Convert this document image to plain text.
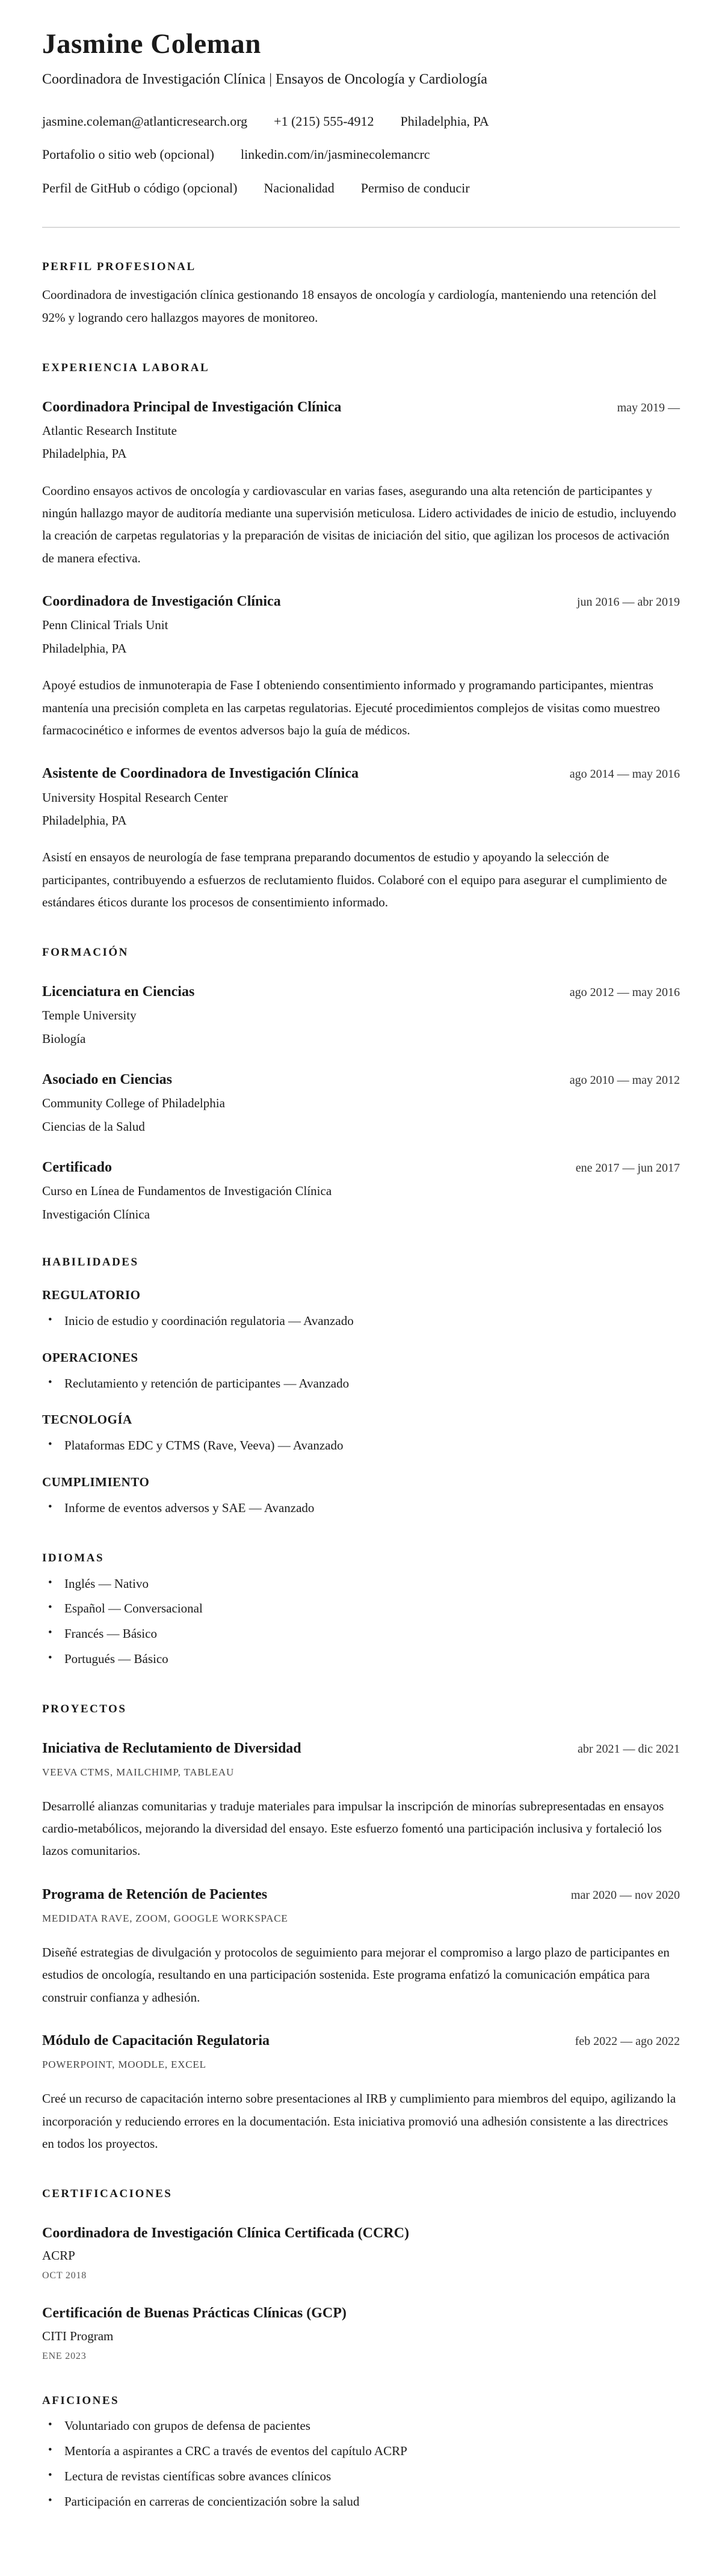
Jasmine Coleman
Coordinadora de Investigación Clínica | Ensayos de Oncología y Cardiología
jasmine.coleman@atlanticresearch.org +1 (215) 555-4912 Philadelphia, PA
Portafolio o sitio web (opcional) linkedin.com/in/jasminecolemancrc
Perfil de GitHub o código (opcional) Nacionalidad Permiso de conducir
PERFIL PROFESIONAL

Coordinadora de investigación clínica gestionando 18 ensayos de oncología y cardiología, manteniendo una retención del 92% y logrando cero hallazgos mayores de monitoreo.

EXPERIENCIA LABORAL
Coordinadora Principal de Investigación Clínica	may 2019 —
Atlantic Research Institute
Philadelphia, PA

Coordino ensayos activos de oncología y cardiovascular en varias fases, asegurando una alta retención de participantes y ningún hallazgo mayor de auditoría mediante una supervisión meticulosa. Lidero actividades de inicio de estudio, incluyendo la creación de carpetas regulatorias y la preparación de visitas de iniciación del sitio, que agilizan los procesos de activación de manera efectiva.

Coordinadora de Investigación Clínica	jun 2016 — abr 2019
Penn Clinical Trials Unit
Philadelphia, PA

Apoyé estudios de inmunoterapia de Fase I obteniendo consentimiento informado y programando participantes, mientras mantenía una precisión completa en las carpetas regulatorias. Ejecuté procedimientos complejos de visitas como muestreo farmacocinético e informes de eventos adversos bajo la guía de médicos.

Asistente de Coordinadora de Investigación Clínica	ago 2014 — may 2016
University Hospital Research Center
Philadelphia, PA

Asistí en ensayos de neurología de fase temprana preparando documentos de estudio y apoyando la selección de participantes, contribuyendo a esfuerzos de reclutamiento fluidos. Colaboré con el equipo para asegurar el cumplimiento de estándares éticos durante los procesos de consentimiento informado.

FORMACIÓN
Licenciatura en Ciencias	ago 2012 — may 2016
Temple University
Biología
Asociado en Ciencias	ago 2010 — may 2012
Community College of Philadelphia
Ciencias de la Salud
Certificado	ene 2017 — jun 2017
Curso en Línea de Fundamentos de Investigación Clínica
Investigación Clínica
HABILIDADES
REGULATORIO
• Inicio de estudio y coordinación regulatoria — Avanzado
OPERACIONES
• Reclutamiento y retención de participantes — Avanzado
TECNOLOGÍA
• Plataformas EDC y CTMS (Rave, Veeva) — Avanzado
CUMPLIMIENTO
• Informe de eventos adversos y SAE — Avanzado
IDIOMAS
• Inglés — Nativo
• Español — Conversacional
• Francés — Básico
• Portugués — Básico
PROYECTOS
Iniciativa de Reclutamiento de Diversidad	abr 2021 — dic 2021
VEEVA CTMS, MAILCHIMP, TABLEAU

Desarrollé alianzas comunitarias y traduje materiales para impulsar la inscripción de minorías subrepresentadas en ensayos cardio-metabólicos, mejorando la diversidad del ensayo. Este esfuerzo fomentó una participación inclusiva y fortaleció los lazos comunitarios.

Programa de Retención de Pacientes	mar 2020 — nov 2020
MEDIDATA RAVE, ZOOM, GOOGLE WORKSPACE

Diseñé estrategias de divulgación y protocolos de seguimiento para mejorar el compromiso a largo plazo de participantes en estudios de oncología, resultando en una participación sostenida. Este programa enfatizó la comunicación empática para construir confianza y adhesión.

Módulo de Capacitación Regulatoria	feb 2022 — ago 2022
POWERPOINT, MOODLE, EXCEL

Creé un recurso de capacitación interno sobre presentaciones al IRB y cumplimiento para miembros del equipo, agilizando la incorporación y reduciendo errores en la documentación. Esta iniciativa promovió una adhesión consistente a las directrices en todos los proyectos.

CERTIFICACIONES
Coordinadora de Investigación Clínica Certificada (CCRC)
ACRP
OCT 2018
Certificación de Buenas Prácticas Clínicas (GCP)
CITI Program
ENE 2023
AFICIONES
• Voluntariado con grupos de defensa de pacientes
• Mentoría a aspirantes a CRC a través de eventos del capítulo ACRP
• Lectura de revistas científicas sobre avances clínicos
• Participación en carreras de concientización sobre la salud
